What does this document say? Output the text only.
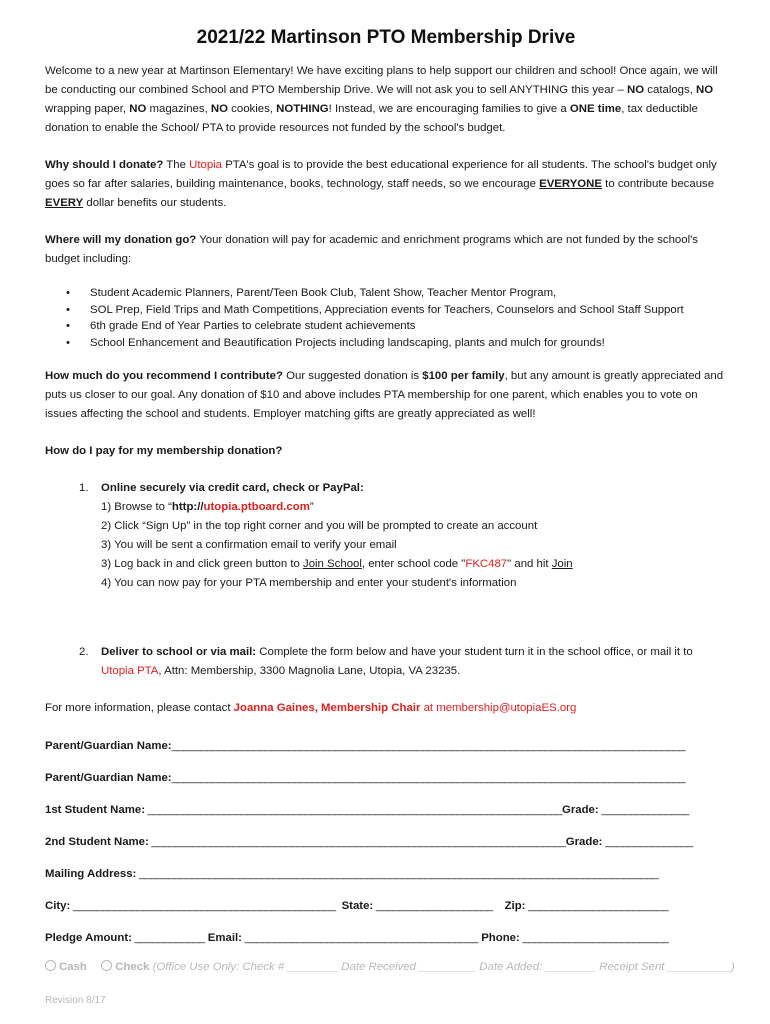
2021/22 Martinson PTO Membership Drive

Welcome to a new year at Martinson Elementary! We have exciting plans to help support our children and school! Once again, we will be conducting our combined School and PTO Membership Drive. We will not ask you to sell ANYTHING this year – NO catalogs, NO wrapping paper, NO magazines, NO cookies, NOTHING! Instead, we are encouraging families to give a ONE time, tax deductible donation to enable the School/ PTA to provide resources not funded by the school's budget.

Why should I donate? The Utopia PTA's goal is to provide the best educational experience for all students. The school's budget only goes so far after salaries, building maintenance, books, technology, staff needs, so we encourage EVERYONE to contribute because EVERY dollar benefits our students.

Where will my donation go? Your donation will pay for academic and enrichment programs which are not funded by the school's budget including:

• Student Academic Planners, Parent/Teen Book Club, Talent Show, Teacher Mentor Program,
• SOL Prep, Field Trips and Math Competitions, Appreciation events for Teachers, Counselors and School Staff Support
• 6th grade End of Year Parties to celebrate student achievements
• School Enhancement and Beautification Projects including landscaping, plants and mulch for grounds!

How much do you recommend I contribute? Our suggested donation is $100 per family, but any amount is greatly appreciated and puts us closer to our goal. Any donation of $10 and above includes PTA membership for one parent, which enables you to vote on issues affecting the school and students. Employer matching gifts are greatly appreciated as well!

How do I pay for my membership donation?

1. Online securely via credit card, check or PayPal:
1) Browse to “http://utopia.ptboard.com”
2) Click “Sign Up” in the top right corner and you will be prompted to create an account
3) You will be sent a confirmation email to verify your email
3) Log back in and click green button to Join School, enter school code "FKC487" and hit Join
4) You can now pay for your PTA membership and enter your student's information
2. Deliver to school or via mail: Complete the form below and have your student turn it in the school office, or mail it to Utopia PTA, Attn: Membership, 3300 Magnolia Lane, Utopia, VA 23235.

For more information, please contact Joanna Gaines, Membership Chair at membership@utopiaES.org

Parent/Guardian Name:________________________________________________________________________________________
Parent/Guardian Name:________________________________________________________________________________________
1st Student Name: _______________________________________________________________________Grade: _______________
2nd Student Name: _______________________________________________________________________Grade: _______________
Mailing Address: _________________________________________________________________________________________
City: _____________________________________________ State: ____________________ Zip: ________________________
Pledge Amount: ____________ Email: ________________________________________ Phone: _________________________
Cash Check (Office Use Only: Check # ________ Date Received _________ Date Added: ________ Receipt Sent __________)
Revision 8/17
